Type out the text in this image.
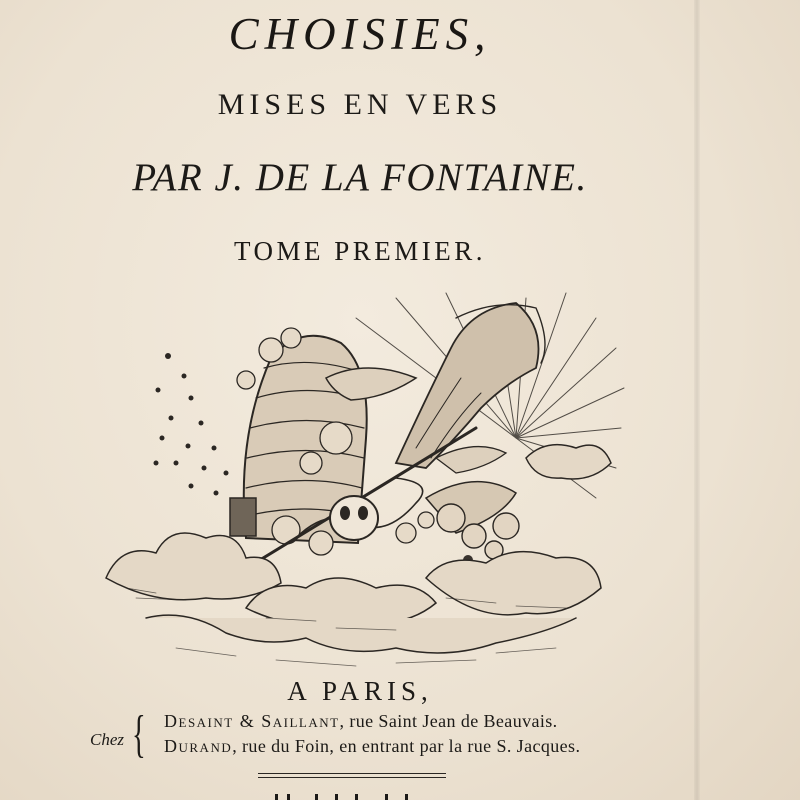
CHOISIES,
MISES EN VERS
PAR J. DE LA FONTAINE.
TOME PREMIER.
A PARIS,
Chez { Desaint & Saillant, rue Saint Jean de Beauvais.
Durand, rue du Foin, en entrant par la rue S. Jacques.
